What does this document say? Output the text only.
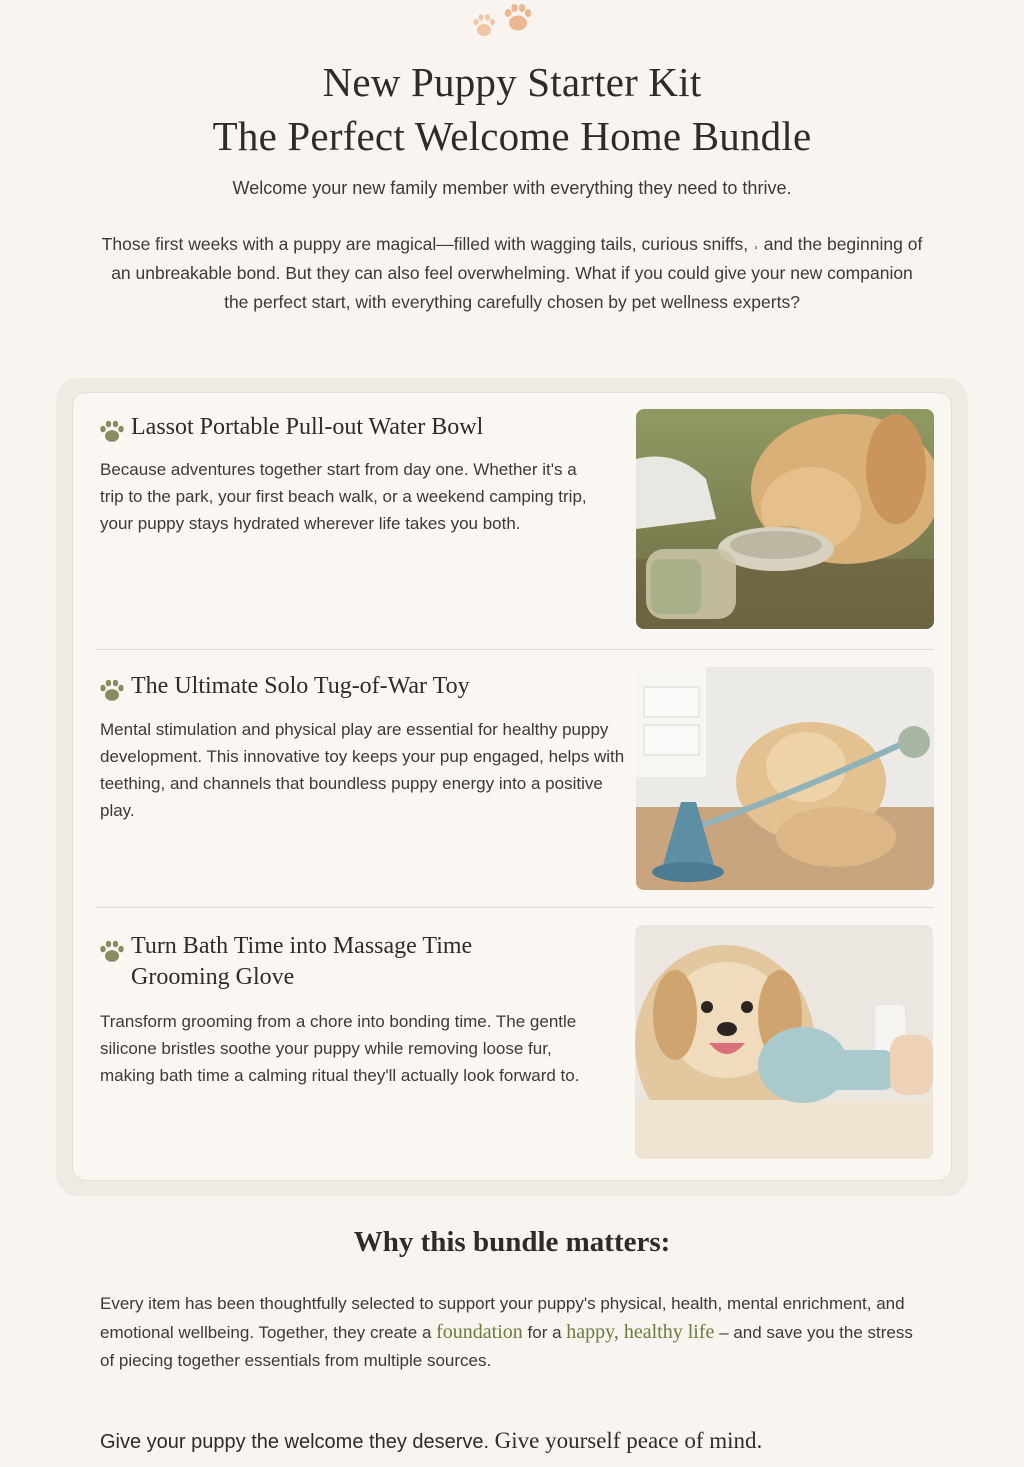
New Puppy Starter Kit
The Perfect Welcome Home Bundle

Welcome your new family member with everything they need to thrive.

Those first weeks with a puppy are magical—filled with wagging tails, curious sniffs, ˒ and the beginning of an unbreakable bond. But they can also feel overwhelming. What if you could give your new companion the perfect start, with everything carefully chosen by pet wellness experts?

Lassot Portable Pull-out Water Bowl

Because adventures together start from day one. Whether it's a trip to the park, your first beach walk, or a weekend camping trip, your puppy stays hydrated wherever life takes you both.

The Ultimate Solo Tug-of-War Toy

Mental stimulation and physical play are essential for healthy puppy development. This innovative toy keeps your pup engaged, helps with teething, and channels that boundless puppy energy into a positive play.

Turn Bath Time into Massage Time
Grooming Glove

Transform grooming from a chore into bonding time. The gentle silicone bristles soothe your puppy while removing loose fur, making bath time a calming ritual they'll actually look forward to.

Why this bundle matters:

Every item has been thoughtfully selected to support your puppy's physical, health, mental enrichment, and emotional wellbeing. Together, they create a foundation for a happy, healthy life – and save you the stress of piecing together essentials from multiple sources.

Give your puppy the welcome they deserve. Give yourself peace of mind.
